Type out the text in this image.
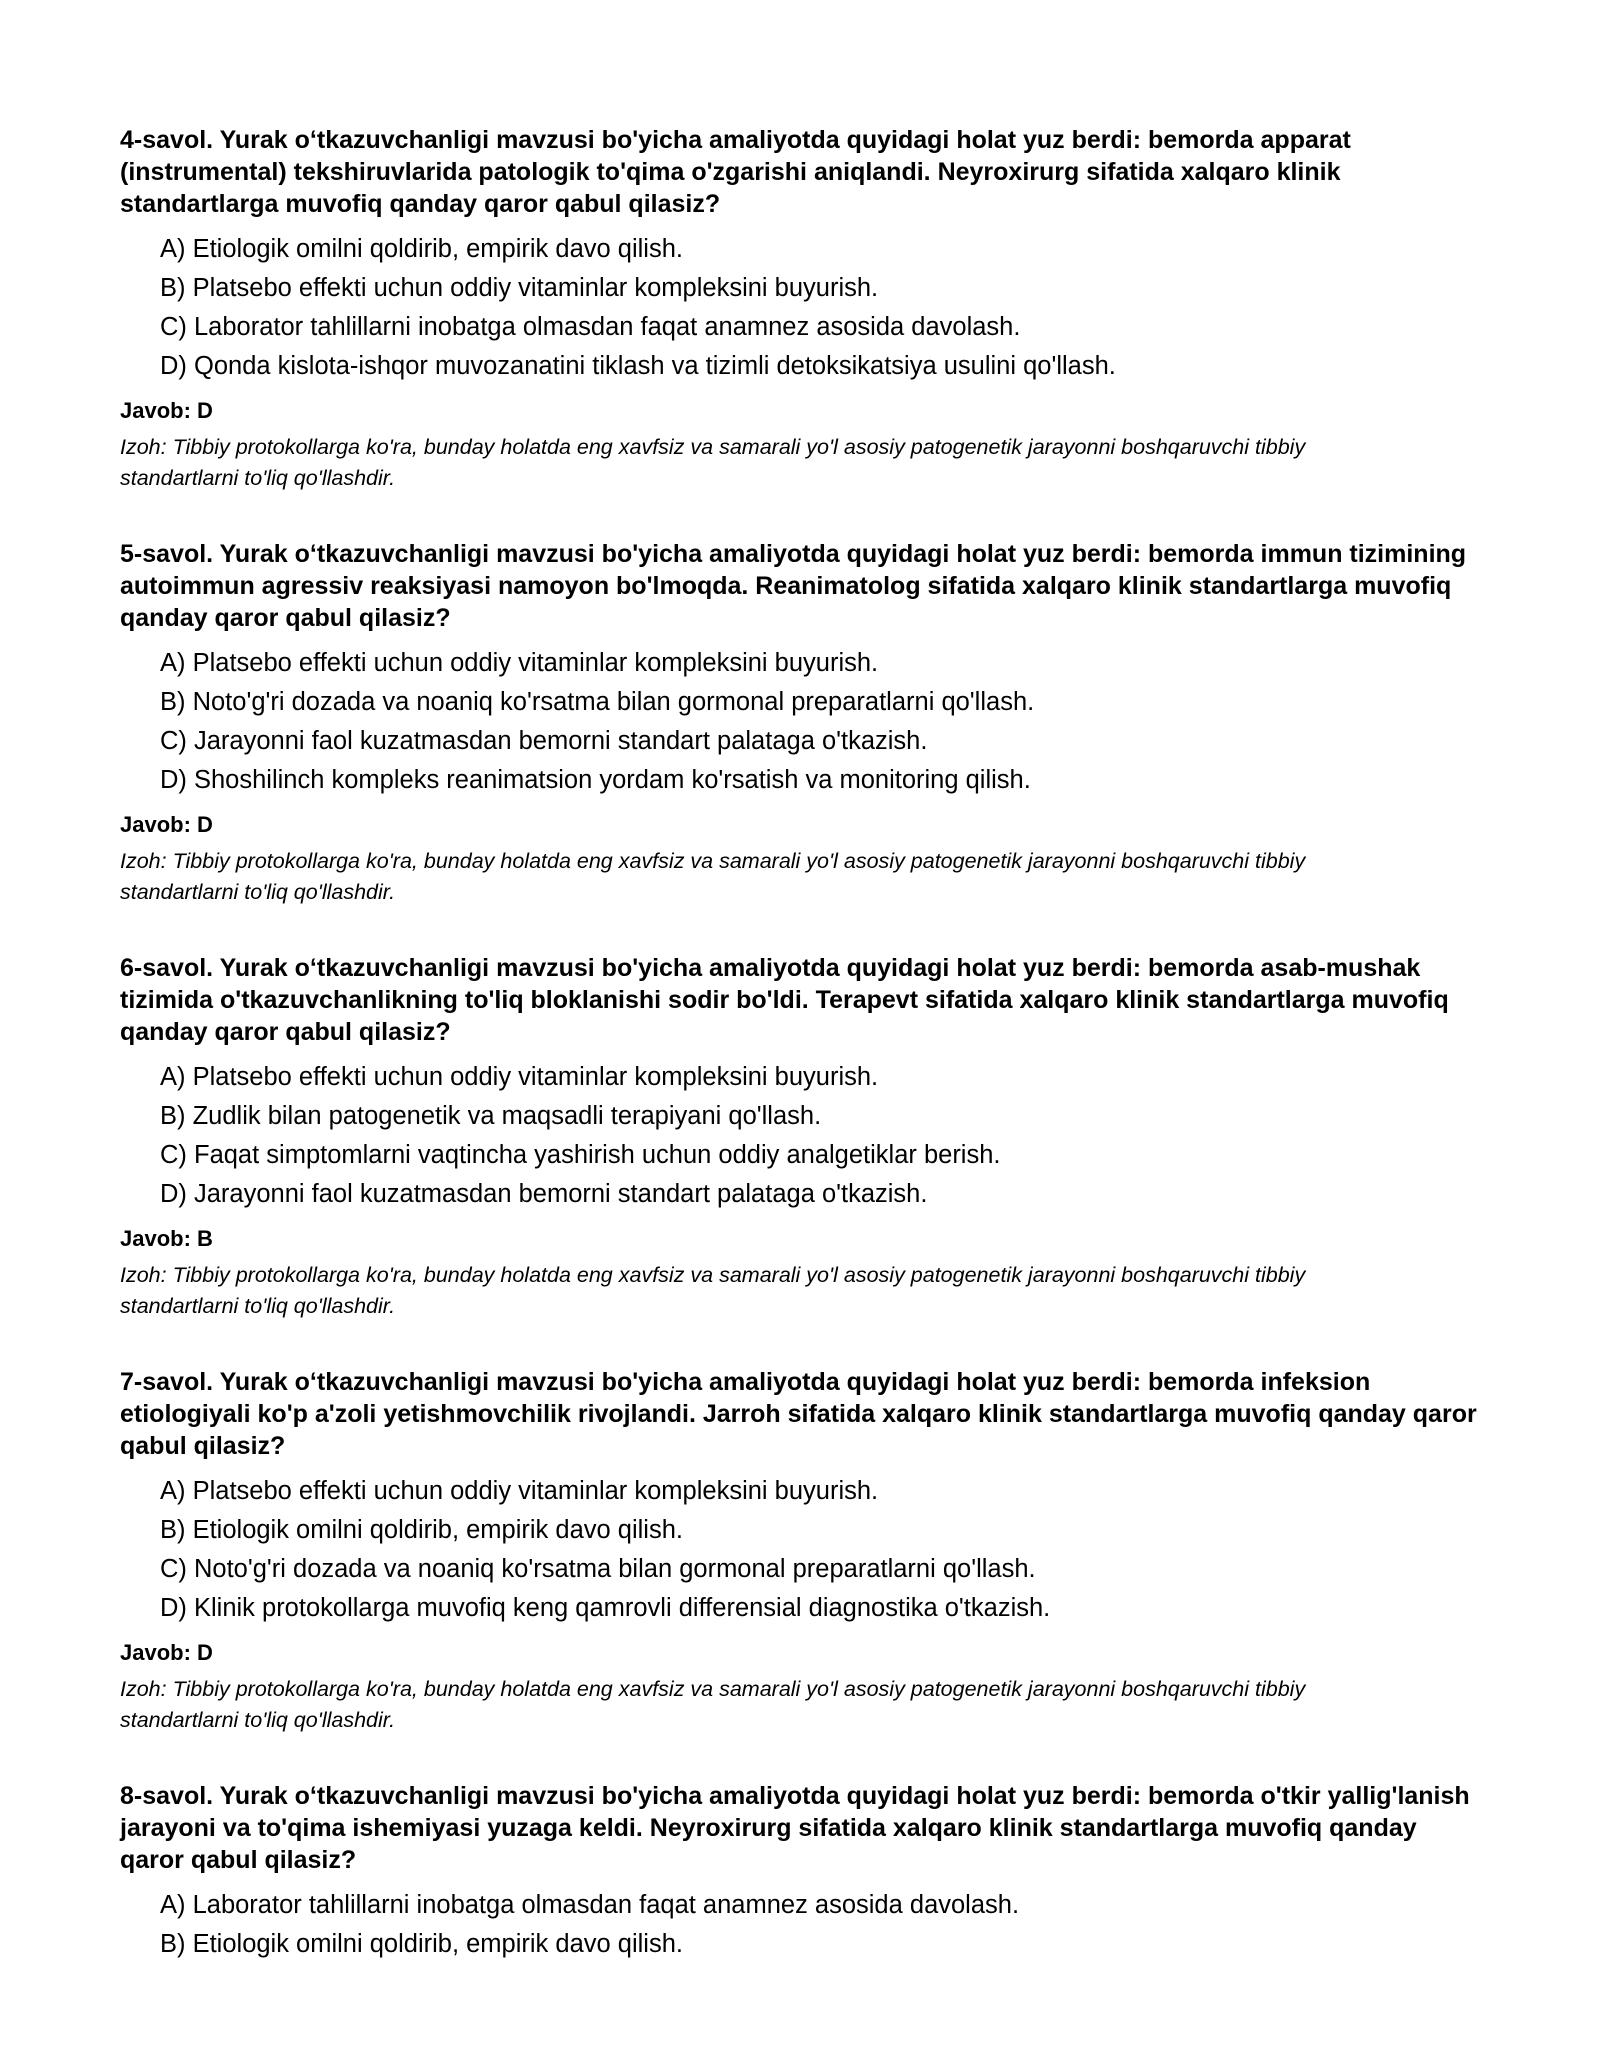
4-savol. Yurak o‘tkazuvchanligi mavzusi bo'yicha amaliyotda quyidagi holat yuz berdi: bemorda apparat (instrumental) tekshiruvlarida patologik to'qima o'zgarishi aniqlandi. Neyroxirurg sifatida xalqaro klinik standartlarga muvofiq qanday qaror qabul qilasiz?
A) Etiologik omilni qoldirib, empirik davo qilish.
B) Platsebo effekti uchun oddiy vitaminlar kompleksini buyurish.
C) Laborator tahlillarni inobatga olmasdan faqat anamnez asosida davolash.
D) Qonda kislota-ishqor muvozanatini tiklash va tizimli detoksikatsiya usulini qo'llash.
Javob: D
Izoh: Tibbiy protokollarga ko'ra, bunday holatda eng xavfsiz va samarali yo'l asosiy patogenetik jarayonni boshqaruvchi tibbiy standartlarni to'liq qo'llashdir.
5-savol. Yurak o‘tkazuvchanligi mavzusi bo'yicha amaliyotda quyidagi holat yuz berdi: bemorda immun tizimining autoimmun agressiv reaksiyasi namoyon bo'lmoqda. Reanimatolog sifatida xalqaro klinik standartlarga muvofiq qanday qaror qabul qilasiz?
A) Platsebo effekti uchun oddiy vitaminlar kompleksini buyurish.
B) Noto'g'ri dozada va noaniq ko'rsatma bilan gormonal preparatlarni qo'llash.
C) Jarayonni faol kuzatmasdan bemorni standart palataga o'tkazish.
D) Shoshilinch kompleks reanimatsion yordam ko'rsatish va monitoring qilish.
Javob: D
Izoh: Tibbiy protokollarga ko'ra, bunday holatda eng xavfsiz va samarali yo'l asosiy patogenetik jarayonni boshqaruvchi tibbiy standartlarni to'liq qo'llashdir.
6-savol. Yurak o‘tkazuvchanligi mavzusi bo'yicha amaliyotda quyidagi holat yuz berdi: bemorda asab-mushak tizimida o'tkazuvchanlikning to'liq bloklanishi sodir bo'ldi. Terapevt sifatida xalqaro klinik standartlarga muvofiq qanday qaror qabul qilasiz?
A) Platsebo effekti uchun oddiy vitaminlar kompleksini buyurish.
B) Zudlik bilan patogenetik va maqsadli terapiyani qo'llash.
C) Faqat simptomlarni vaqtincha yashirish uchun oddiy analgetiklar berish.
D) Jarayonni faol kuzatmasdan bemorni standart palataga o'tkazish.
Javob: B
Izoh: Tibbiy protokollarga ko'ra, bunday holatda eng xavfsiz va samarali yo'l asosiy patogenetik jarayonni boshqaruvchi tibbiy standartlarni to'liq qo'llashdir.
7-savol. Yurak o‘tkazuvchanligi mavzusi bo'yicha amaliyotda quyidagi holat yuz berdi: bemorda infeksion etiologiyali ko'p a'zoli yetishmovchilik rivojlandi. Jarroh sifatida xalqaro klinik standartlarga muvofiq qanday qaror qabul qilasiz?
A) Platsebo effekti uchun oddiy vitaminlar kompleksini buyurish.
B) Etiologik omilni qoldirib, empirik davo qilish.
C) Noto'g'ri dozada va noaniq ko'rsatma bilan gormonal preparatlarni qo'llash.
D) Klinik protokollarga muvofiq keng qamrovli differensial diagnostika o'tkazish.
Javob: D
Izoh: Tibbiy protokollarga ko'ra, bunday holatda eng xavfsiz va samarali yo'l asosiy patogenetik jarayonni boshqaruvchi tibbiy standartlarni to'liq qo'llashdir.
8-savol. Yurak o‘tkazuvchanligi mavzusi bo'yicha amaliyotda quyidagi holat yuz berdi: bemorda o'tkir yallig'lanish jarayoni va to'qima ishemiyasi yuzaga keldi. Neyroxirurg sifatida xalqaro klinik standartlarga muvofiq qanday qaror qabul qilasiz?
A) Laborator tahlillarni inobatga olmasdan faqat anamnez asosida davolash.
B) Etiologik omilni qoldirib, empirik davo qilish.
